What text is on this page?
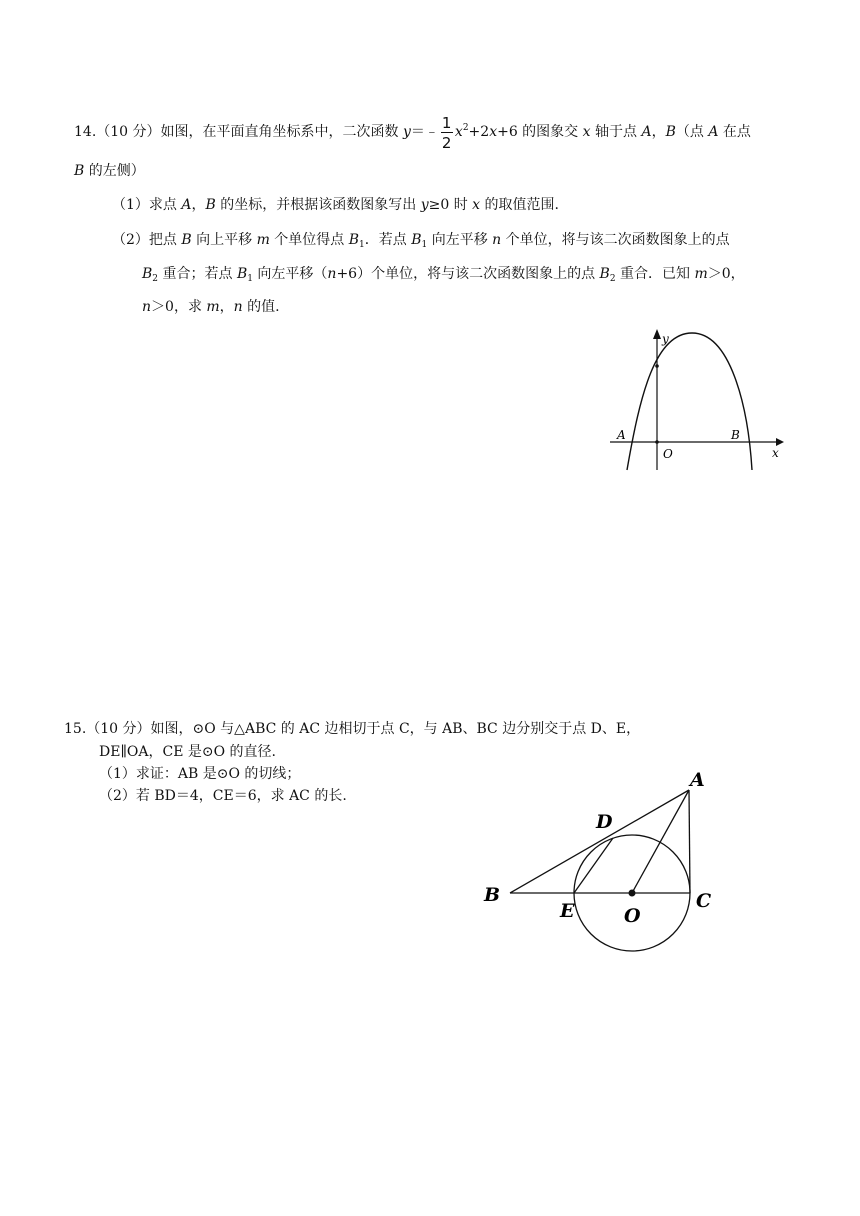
14.（10 分）如图，在平面直角坐标系中，二次函数 y＝﹣ $\frac{1}{2} x^2+2x+6$ 的图象交 x 轴于点 A，B（点 A 在点
B 的左侧）
（1）求点 A，B 的坐标，并根据该函数图象写出 y≥0 时 x 的取值范围.
（2）把点 B 向上平移 m 个单位得点 $B_1$．若点 $B_1$ 向左平移 n 个单位，将与该二次函数图象上的点
$B_2$ 重合；若点 $B_1$ 向左平移（n+6）个单位，将与该二次函数图象上的点 $B_2$ 重合．已知 m＞0，
n＞0，求 m，n 的值.
y
x
A	B
O
15.（10 分）如图，⊙O 与△ABC 的 AC 边相切于点 C，与 AB、BC 边分别交于点 D、E，
DE∥OA，CE 是⊙O 的直径.
（1）求证：AB 是⊙O 的切线；
（2）若 BD＝4，CE＝6，求 AC 的长.
A
B	C
D
E	O
